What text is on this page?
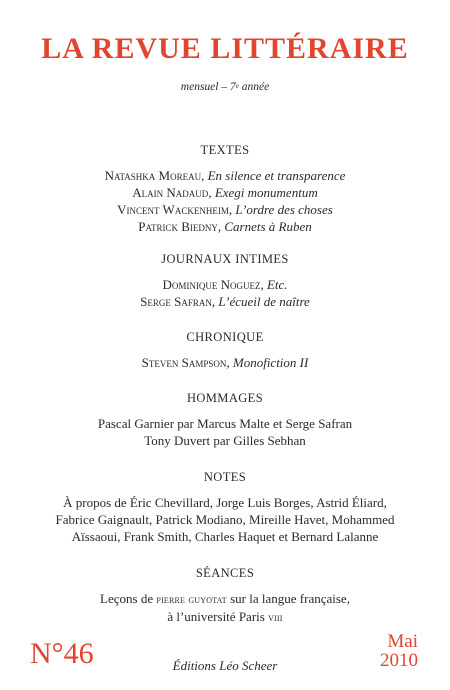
LA REVUE LITTÉRAIRE
mensuel – 7e année
TEXTES
Natashka Moreau, En silence et transparence
Alain Nadaud, Exegi monumentum
Vincent Wackenheim, L’ordre des choses
Patrick Biedny, Carnets à Ruben
JOURNAUX INTIMES
Dominique Noguez, Etc.
Serge Safran, L’écueil de naître
CHRONIQUE
Steven Sampson, Monofiction II
HOMMAGES
Pascal Garnier par Marcus Malte et Serge Safran
Tony Duvert par Gilles Sebhan
NOTES
À propos de Éric Chevillard, Jorge Luis Borges, Astrid Éliard,
Fabrice Gaignault, Patrick Modiano, Mireille Havet, Mohammed
Aïssaoui, Frank Smith, Charles Haquet et Bernard Lalanne
SÉANCES
Leçons de pierre guyotat sur la langue française,
à l’université Paris viii
N°46	Éditions Léo Scheer
Mai
2010
